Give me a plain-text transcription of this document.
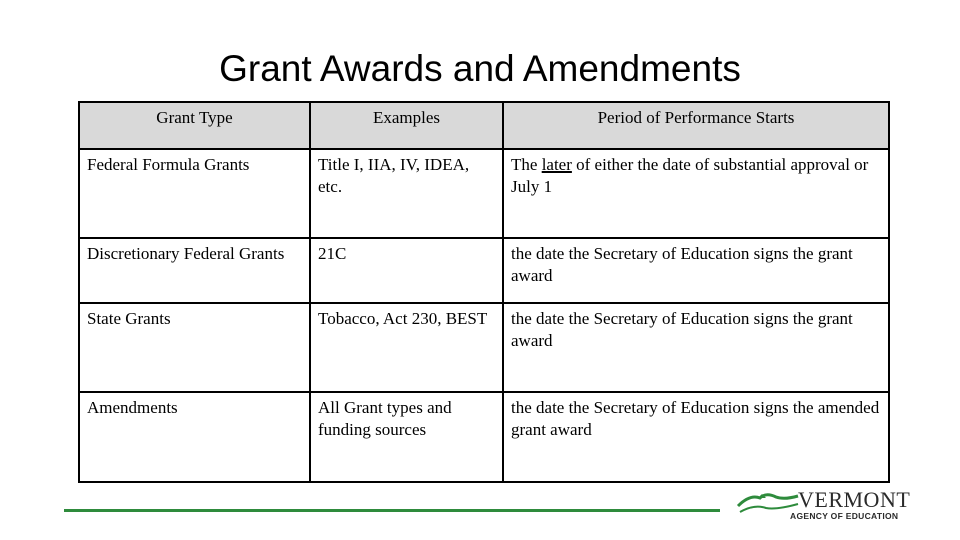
Grant Awards and Amendments
Grant Type	Examples	Period of Performance Starts
Federal Formula Grants	Title I, IIA, IV, IDEA, etc.	The later of either the date of substantial approval or July 1
Discretionary Federal Grants	21C	the date the Secretary of Education signs the grant award
State Grants	Tobacco, Act 230, BEST	the date the Secretary of Education signs the grant award
Amendments	All Grant types and funding sources	the date the Secretary of Education signs the amended grant award
VERMONT
AGENCY OF EDUCATION
